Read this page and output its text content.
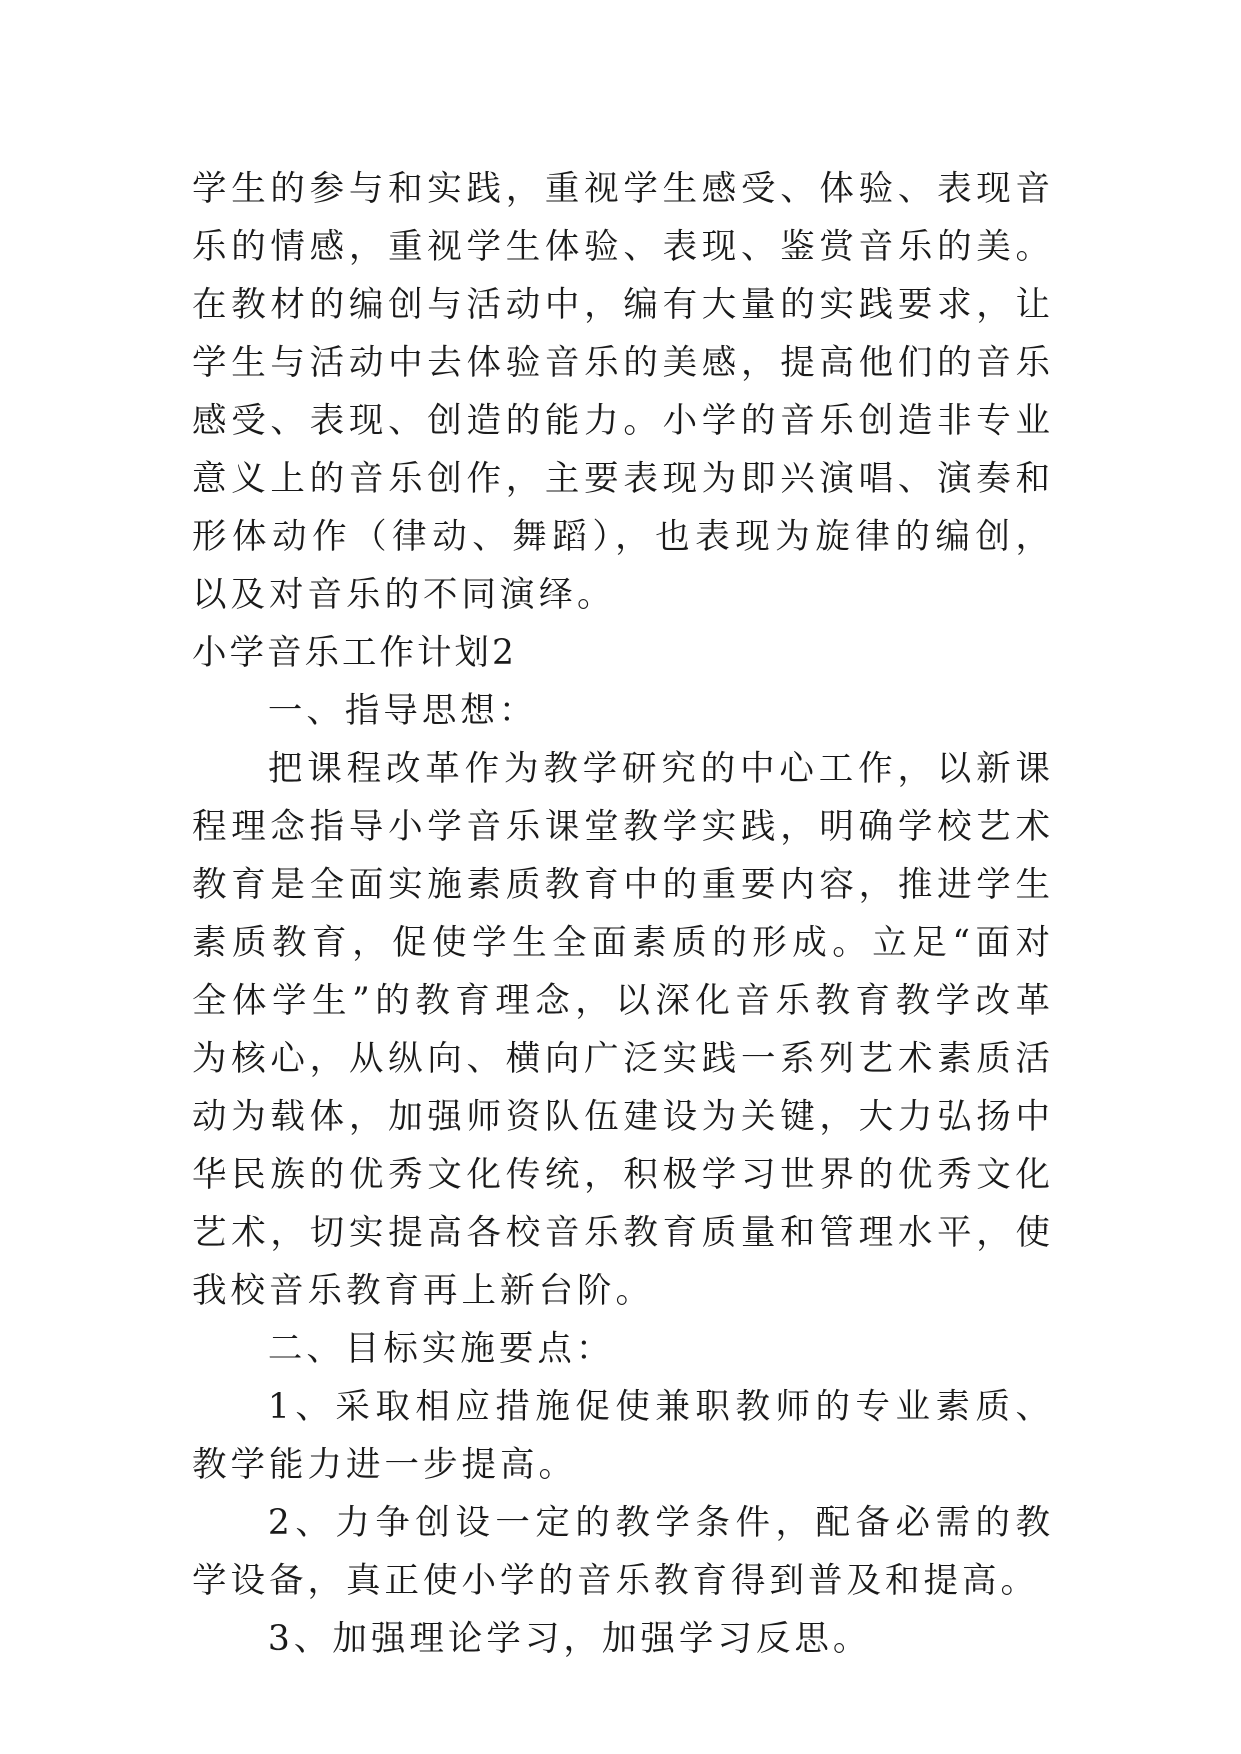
学生的参与和实践，重视学生感受、体验、表现音乐的情感，重视学生体验、表现、鉴赏音乐的美。在教材的编创与活动中，编有大量的实践要求，让学生与活动中去体验音乐的美感，提高他们的音乐感受、表现、创造的能力。小学的音乐创造非专业意义上的音乐创作，主要表现为即兴演唱、演奏和形体动作（律动、舞蹈），也表现为旋律的编创，以及对音乐的不同演绎。

小学音乐工作计划2

一、指导思想：

把课程改革作为教学研究的中心工作，以新课程理念指导小学音乐课堂教学实践，明确学校艺术教育是全面实施素质教育中的重要内容，推进学生素质教育，促使学生全面素质的形成。立足“面对全体学生”的教育理念，以深化音乐教育教学改革为核心，从纵向、横向广泛实践一系列艺术素质活动为载体，加强师资队伍建设为关键，大力弘扬中华民族的优秀文化传统，积极学习世界的优秀文化艺术，切实提高各校音乐教育质量和管理水平，使我校音乐教育再上新台阶。

二、目标实施要点：

1、采取相应措施促使兼职教师的专业素质、教学能力进一步提高。

2、力争创设一定的教学条件，配备必需的教学设备，真正使小学的音乐教育得到普及和提高。

3、加强理论学习，加强学习反思。
